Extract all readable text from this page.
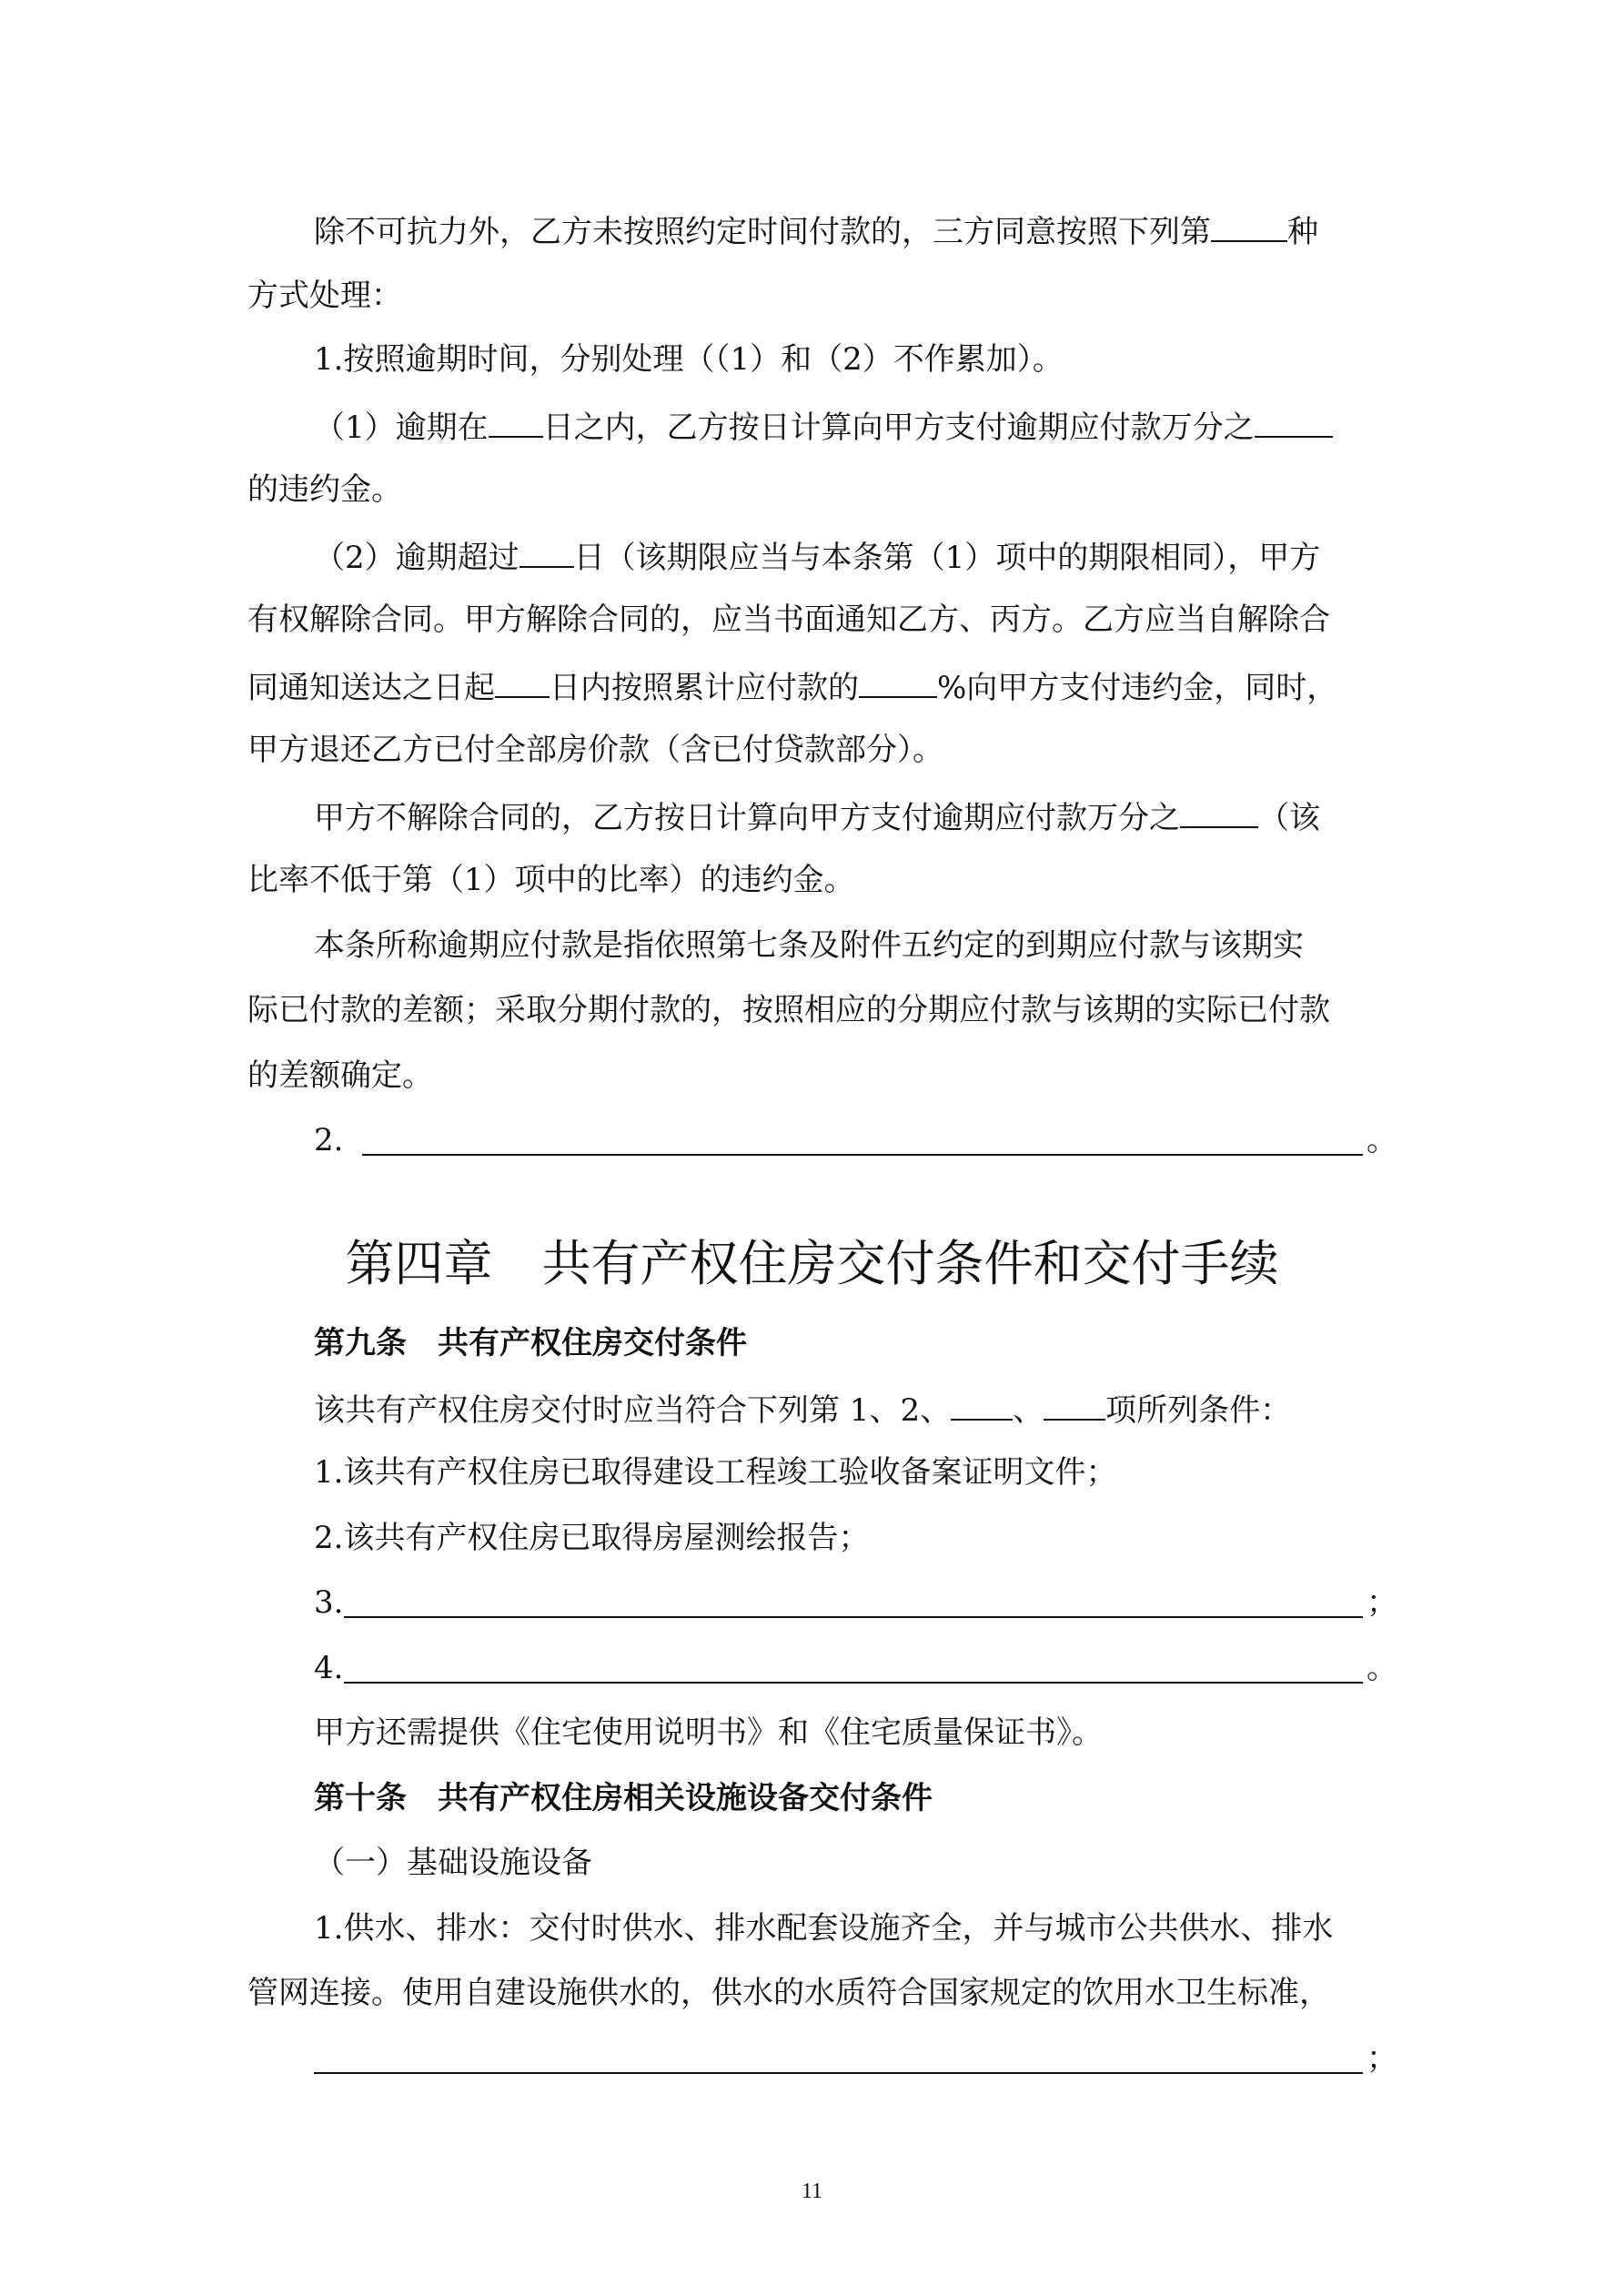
除不可抗力外，乙方未按照约定时间付款的，三方同意按照下列第 种

方式处理：

1.按照逾期时间，分别处理（（1）和（2）不作累加）。

（1）逾期在 日之内，乙方按日计算向甲方支付逾期应付款万分之

的违约金。

（2）逾期超过 日（该期限应当与本条第（1）项中的期限相同），甲方

有权解除合同。甲方解除合同的，应当书面通知乙方、丙方。乙方应当自解除合

同通知送达之日起 日内按照累计应付款的	%向甲方支付违约金，同时，

甲方退还乙方已付全部房价款（含已付贷款部分）。

甲方不解除合同的，乙方按日计算向甲方支付逾期应付款万分之	（该

比率不低于第（1）项中的比率）的违约金。

本条所称逾期应付款是指依照第七条及附件五约定的到期应付款与该期实

际已付款的差额；采取分期付款的，按照相应的分期应付款与该期的实际已付款

的差额确定。

2.	。

第四章　共有产权住房交付条件和交付手续

第九条　共有产权住房交付条件

该共有产权住房交付时应当符合下列第 1、2、 、 项所列条件：

1.该共有产权住房已取得建设工程竣工验收备案证明文件；

2.该共有产权住房已取得房屋测绘报告；

3.	；

4.	。

甲方还需提供《住宅使用说明书》和《住宅质量保证书》。

第十条　共有产权住房相关设施设备交付条件

（一）基础设施设备

1.供水、排水：交付时供水、排水配套设施齐全，并与城市公共供水、排水

管网连接。使用自建设施供水的，供水的水质符合国家规定的饮用水卫生标准，

；

11
